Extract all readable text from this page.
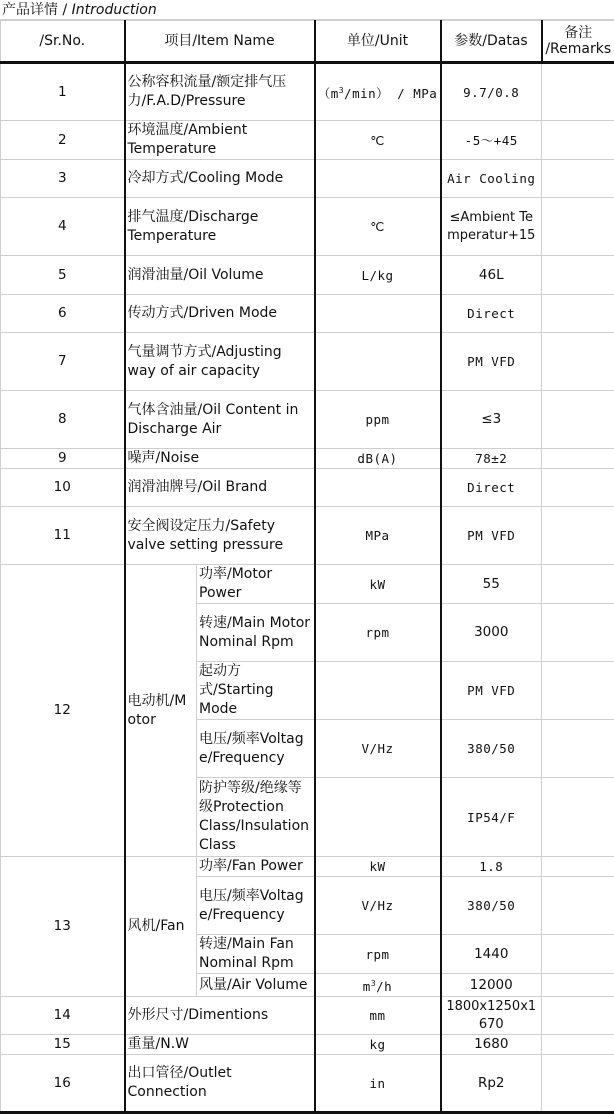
产品详情 / Introduction
/Sr.No.	项目/Item Name		单位/Unit	参数/Datas	备注
/Remarks

1	公称容积流量/额定排气压力/F.A.D/Pressure		$(m^3/\min)$ / MPa	9.7/0.8	
2	环境温度/Ambient Temperature		℃	-5～+45	
3	冷却方式/Cooling Mode			Air Cooling	
4	排气温度/Discharge Temperature		℃	≤Ambient Temperatur+15	
5	润滑油量/Oil Volume		L/kg	46L	
6	传动方式/Driven Mode			Direct	
7	气量调节方式/Adjusting way of air capacity			PM VFD	
8	气体含油量/Oil Content in Discharge Air		ppm	≤3	
9	噪声/Noise		dB(A)	78±2	
10	润滑油牌号/Oil Brand			Direct	
11	安全阀设定压力/Safety valve setting pressure		MPa	PM VFD	
12	电动机/Motor	功率/Motor Power	kW	55	
		转速/Main Motor Nominal Rpm	rpm	3000	
		起动方式/Starting Mode		PM VFD	
		电压/频率Voltage/Frequency	V/Hz	380/50	
		防护等级/绝缘等级Protection Class/Insulation Class		IP54/F	
13	风机/Fan	功率/Fan Power	kW	1.8	
		电压/频率Voltage/Frequency	V/Hz	380/50	
		转速/Main Fan Nominal Rpm	rpm	1440	
		风量/Air Volume	$m^3/h$	12000	
14	外形尺寸/Dimentions		mm	1800x1250x1670	
15	重量/N.W		kg	1680	
16	出口管径/Outlet Connection		in	Rp2	
